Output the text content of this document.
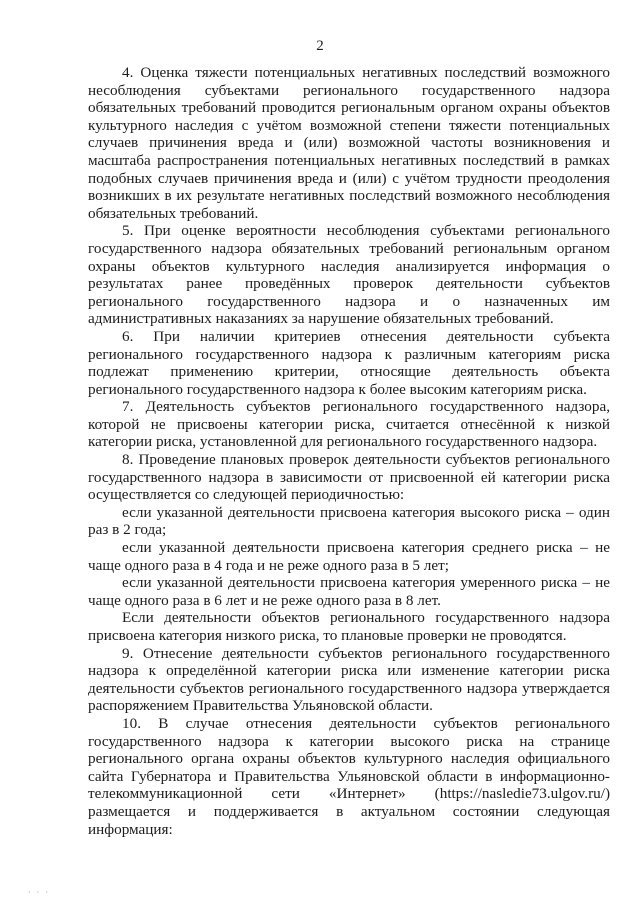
2

4. Оценка тяжести потенциальных негативных последствий возможного несоблюдения субъектами регионального государственного надзора обязательных требований проводится региональным органом охраны объектов культурного наследия с учётом возможной степени тяжести потенциальных случаев причинения вреда и (или) возможной частоты возникновения и масштаба распространения потенциальных негативных последствий в рамках подобных случаев причинения вреда и (или) с учётом трудности преодоления возникших в их результате негативных последствий возможного несоблюдения обязательных требований.

5. При оценке вероятности несоблюдения субъектами регионального государственного надзора обязательных требований региональным органом охраны объектов культурного наследия анализируется информация о результатах ранее проведённых проверок деятельности субъектов регионального государственного надзора и о назначенных им административных наказаниях за нарушение обязательных требований.

6. При наличии критериев отнесения деятельности субъекта регионального государственного надзора к различным категориям риска подлежат применению критерии, относящие деятельность объекта регионального государственного надзора к более высоким категориям риска.

7. Деятельность субъектов регионального государственного надзора, которой не присвоены категории риска, считается отнесённой к низкой категории риска, установленной для регионального государственного надзора.

8. Проведение плановых проверок деятельности субъектов регионального государственного надзора в зависимости от присвоенной ей категории риска осуществляется со следующей периодичностью:

если указанной деятельности присвоена категория высокого риска – один раз в 2 года;

если указанной деятельности присвоена категория среднего риска – не чаще одного раза в 4 года и не реже одного раза в 5 лет;

если указанной деятельности присвоена категория умеренного риска – не чаще одного раза в 6 лет и не реже одного раза в 8 лет.

Если деятельности объектов регионального государственного надзора присвоена категория низкого риска, то плановые проверки не проводятся.

9. Отнесение деятельности субъектов регионального государственного надзора к определённой категории риска или изменение категории риска деятельности субъектов регионального государственного надзора утверждается распоряжением Правительства Ульяновской области.

10. В случае отнесения деятельности субъектов регионального государственного надзора к категории высокого риска на странице регионального органа охраны объектов культурного наследия официального сайта Губернатора и Правительства Ульяновской области в информационно-телекоммуникационной сети «Интернет» (https://nasledie73.ulgov.ru/) размещается и поддерживается в актуальном состоянии следующая информация:

· · ·
